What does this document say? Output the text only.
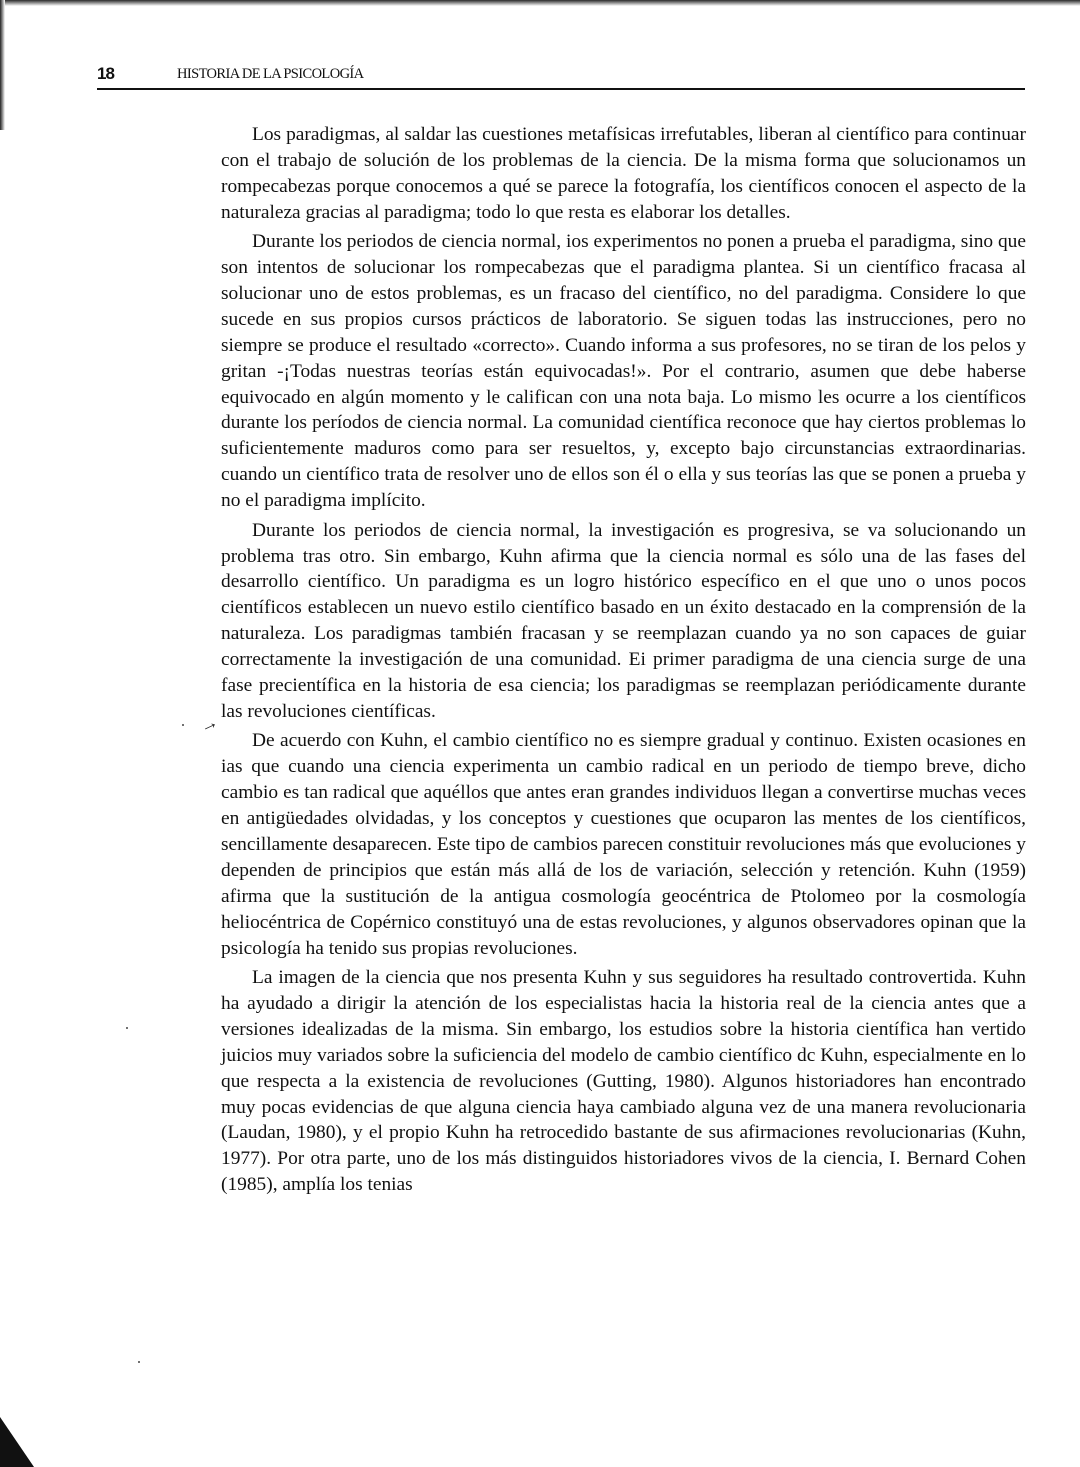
18	HISTORIA DE LA PSICOLOGÍA

Los paradigmas, al saldar las cuestiones metafísicas irrefutables, liberan al científico para continuar con el trabajo de solución de los problemas de la ciencia. De la misma forma que solucionamos un rompecabezas porque conocemos a qué se parece la fotografía, los científicos conocen el aspecto de la naturaleza gracias al paradigma; todo lo que resta es elaborar los detalles.

Durante los periodos de ciencia normal, ios experimentos no ponen a prueba el paradigma, sino que son intentos de solucionar los rompecabezas que el paradigma plantea. Si un científico fracasa al solucionar uno de estos problemas, es un fracaso del científico, no del paradigma. Considere lo que sucede en sus propios cursos prácticos de laboratorio. Se siguen todas las instrucciones, pero no siempre se produce el resultado «correcto». Cuando informa a sus profesores, no se tiran de los pelos y gritan -¡Todas nuestras teorías están equivocadas!». Por el contrario, asumen que debe haberse equivocado en algún momento y le califican con una nota baja. Lo mismo les ocurre a los científicos durante los períodos de ciencia normal. La comunidad científica reconoce que hay ciertos problemas lo suficientemente maduros como para ser resueltos, y, excepto bajo circunstancias extraordinarias. cuando un científico trata de resolver uno de ellos son él o ella y sus teorías las que se ponen a prueba y no el paradigma implícito.

Durante los periodos de ciencia normal, la investigación es progresiva, se va solucionando un problema tras otro. Sin embargo, Kuhn afirma que la ciencia normal es sólo una de las fases del desarrollo científico. Un paradigma es un logro histórico específico en el que uno o unos pocos científicos establecen un nuevo estilo científico basado en un éxito destacado en la comprensión de la naturaleza. Los paradigmas también fracasan y se reemplazan cuando ya no son capaces de guiar correctamente la investigación de una comunidad. Ei primer paradigma de una ciencia surge de una fase precientífica en la historia de esa ciencia; los paradigmas se reemplazan periódicamente durante las revoluciones científicas.

De acuerdo con Kuhn, el cambio científico no es siempre gradual y continuo. Existen ocasiones en ias que cuando una ciencia experimenta un cambio radical en un periodo de tiempo breve, dicho cambio es tan radical que aquéllos que antes eran grandes individuos llegan a convertirse muchas veces en antigüedades olvidadas, y los conceptos y cuestiones que ocuparon las mentes de los científicos, sencillamente desaparecen. Este tipo de cambios parecen constituir revoluciones más que evoluciones y dependen de principios que están más allá de los de variación, selección y retención. Kuhn (1959) afirma que la sustitución de la antigua cosmología geocéntrica de Ptolomeo por la cosmología heliocéntrica de Copérnico constituyó una de estas revoluciones, y algunos observadores opinan que la psicología ha tenido sus propias revoluciones.

La imagen de la ciencia que nos presenta Kuhn y sus seguidores ha resultado controvertida. Kuhn ha ayudado a dirigir la atención de los especialistas hacia la historia real de la ciencia antes que a versiones idealizadas de la misma. Sin embargo, los estudios sobre la historia científica han vertido juicios muy variados sobre la suficiencia del modelo de cambio científico dc Kuhn, especialmente en lo que respecta a la existencia de revoluciones (Gutting, 1980). Algunos historiadores han encontrado muy pocas evidencias de que alguna ciencia haya cambiado alguna vez de una manera revolucionaria (Laudan, 1980), y el propio Kuhn ha retrocedido bastante de sus afirmaciones revolucionarias (Kuhn, 1977). Por otra parte, uno de los más distinguidos historiadores vivos de la ciencia, I. Bernard Cohen (1985), amplía los tenias

→
